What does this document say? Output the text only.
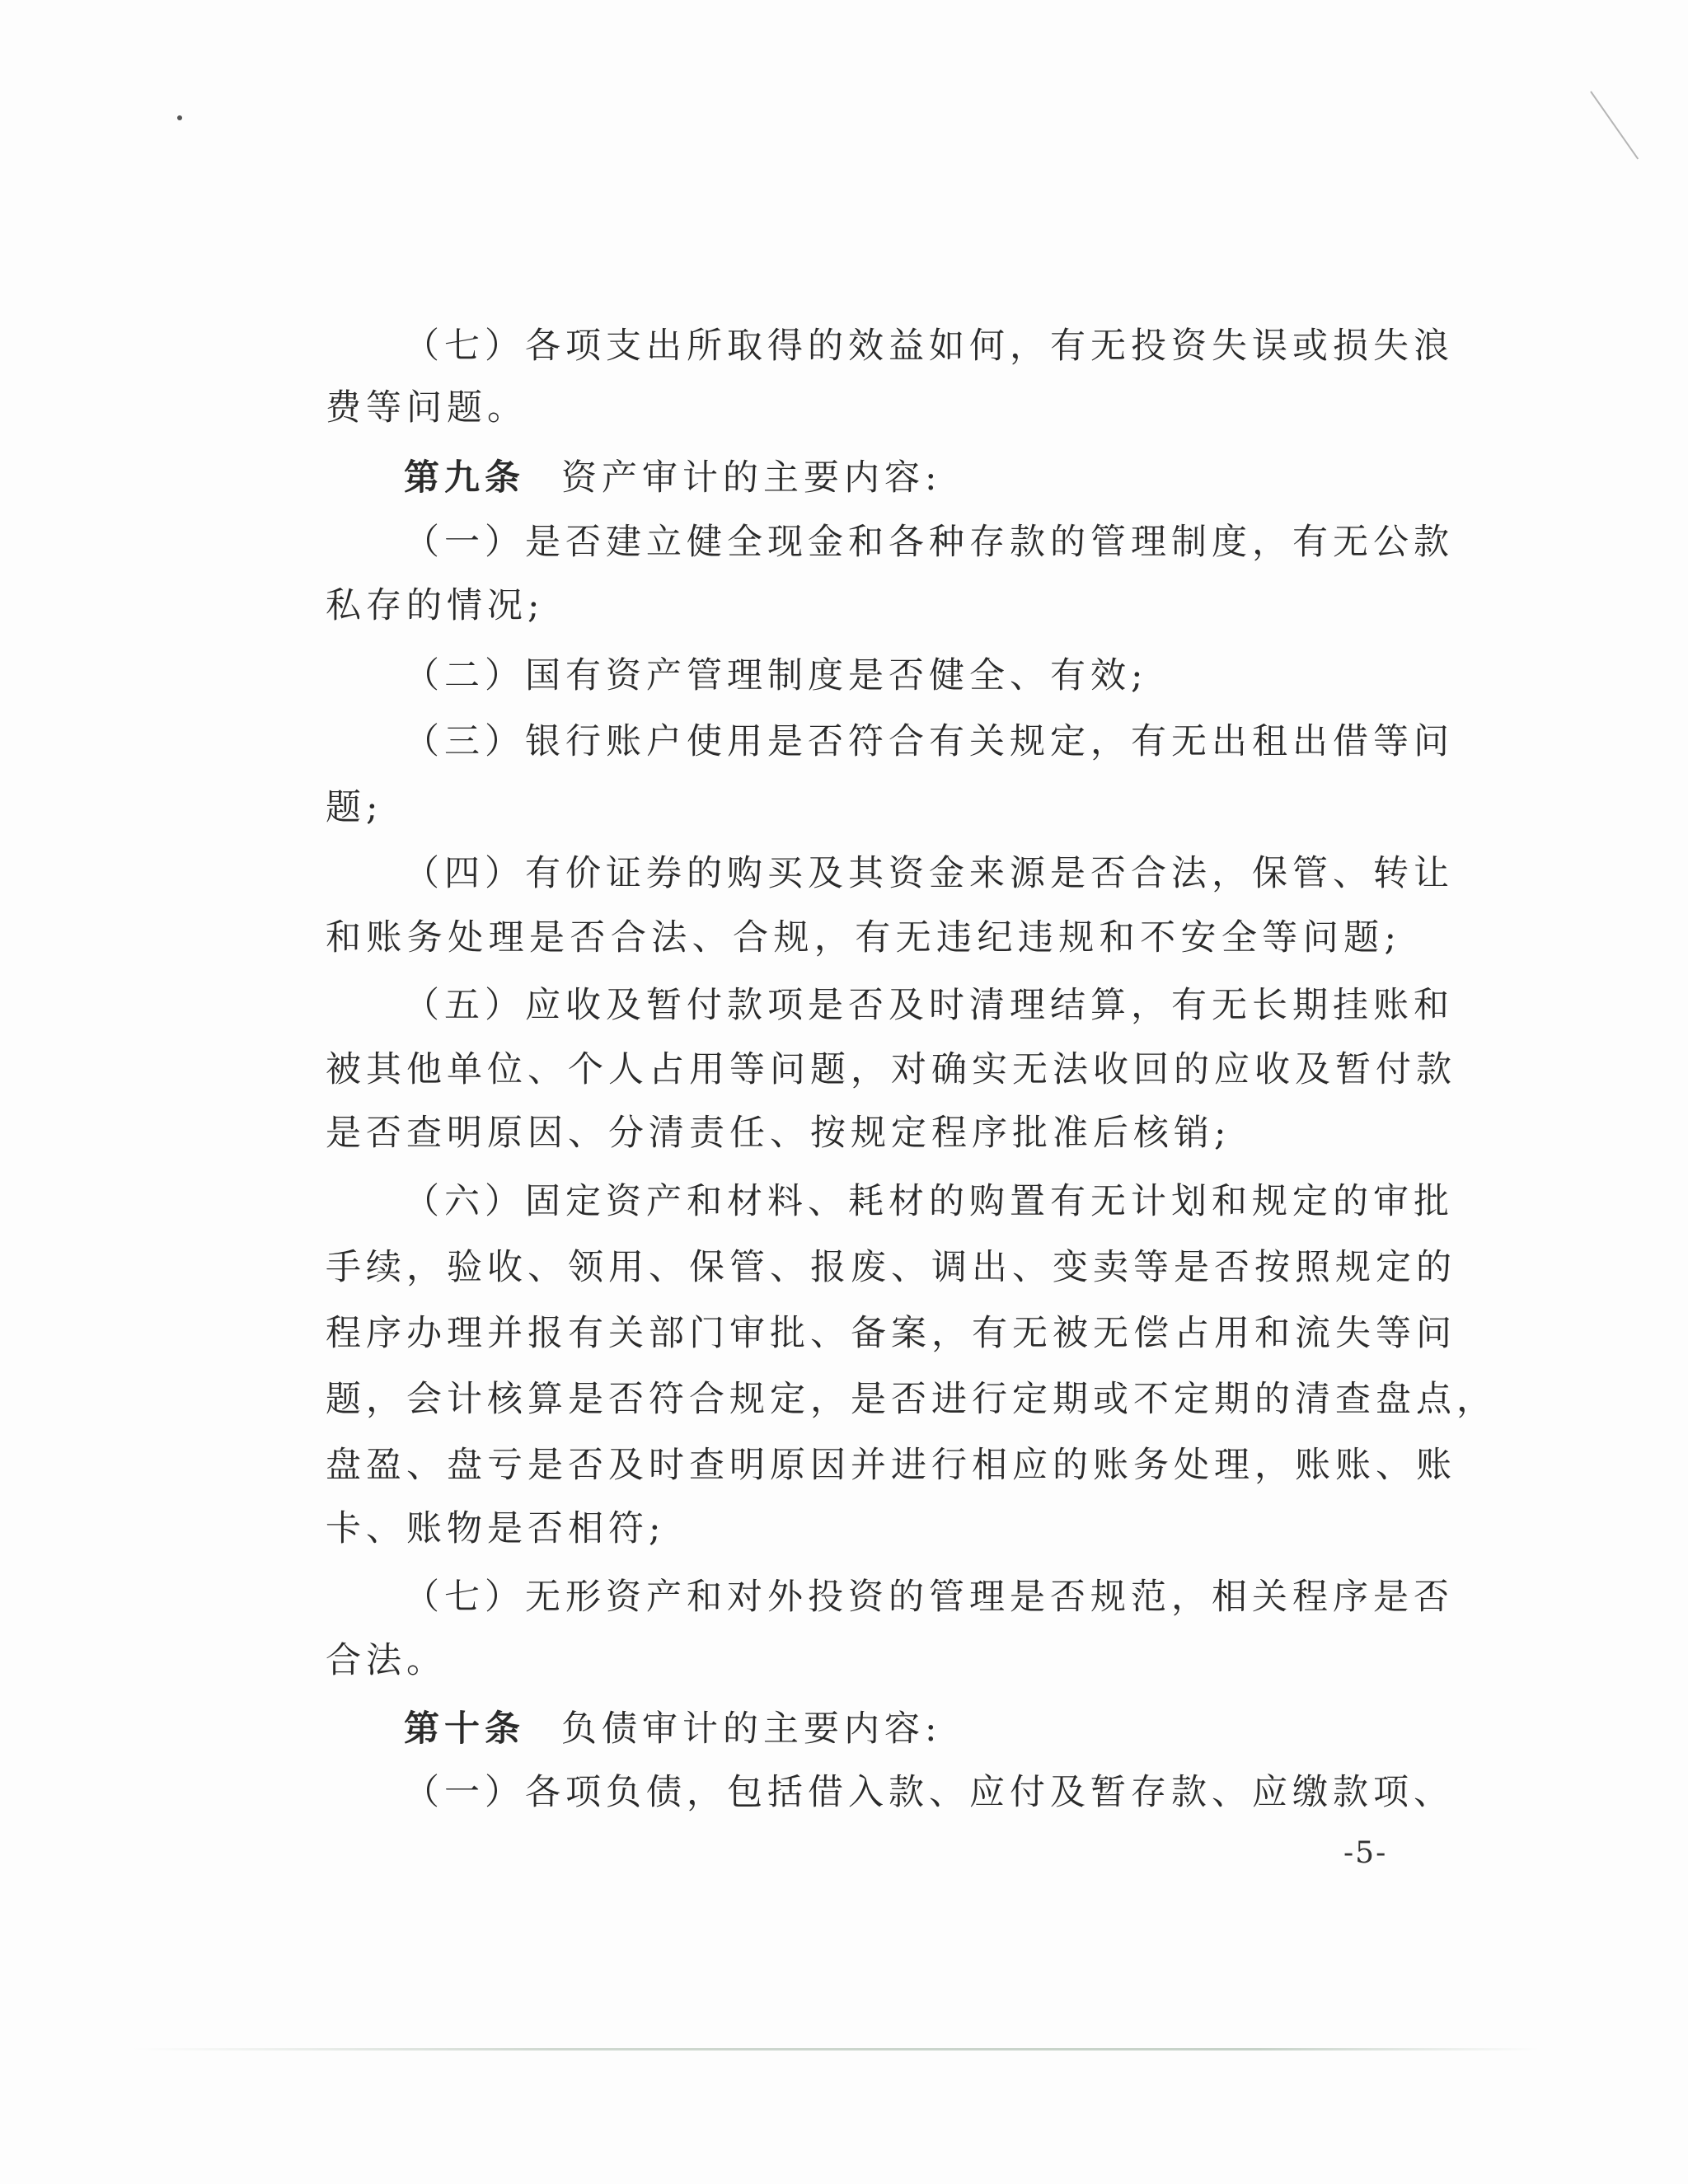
（七）各项支出所取得的效益如何，有无投资失误或损失浪
费等问题。
第九条 资产审计的主要内容:
（一）是否建立健全现金和各种存款的管理制度，有无公款
私存的情况;
（二）国有资产管理制度是否健全、有效;
（三）银行账户使用是否符合有关规定，有无出租出借等问
题;
（四）有价证券的购买及其资金来源是否合法，保管、转让
和账务处理是否合法、合规，有无违纪违规和不安全等问题;
（五）应收及暂付款项是否及时清理结算，有无长期挂账和
被其他单位、个人占用等问题，对确实无法收回的应收及暂付款
是否查明原因、分清责任、按规定程序批准后核销;
（六）固定资产和材料、耗材的购置有无计划和规定的审批
手续，验收、领用、保管、报废、调出、变卖等是否按照规定的
程序办理并报有关部门审批、备案，有无被无偿占用和流失等问
题，会计核算是否符合规定，是否进行定期或不定期的清查盘点，
盘盈、盘亏是否及时查明原因并进行相应的账务处理，账账、账
卡、账物是否相符;
（七）无形资产和对外投资的管理是否规范，相关程序是否
合法。
第十条 负债审计的主要内容:
（一）各项负债，包括借入款、应付及暂存款、应缴款项、
-5-
